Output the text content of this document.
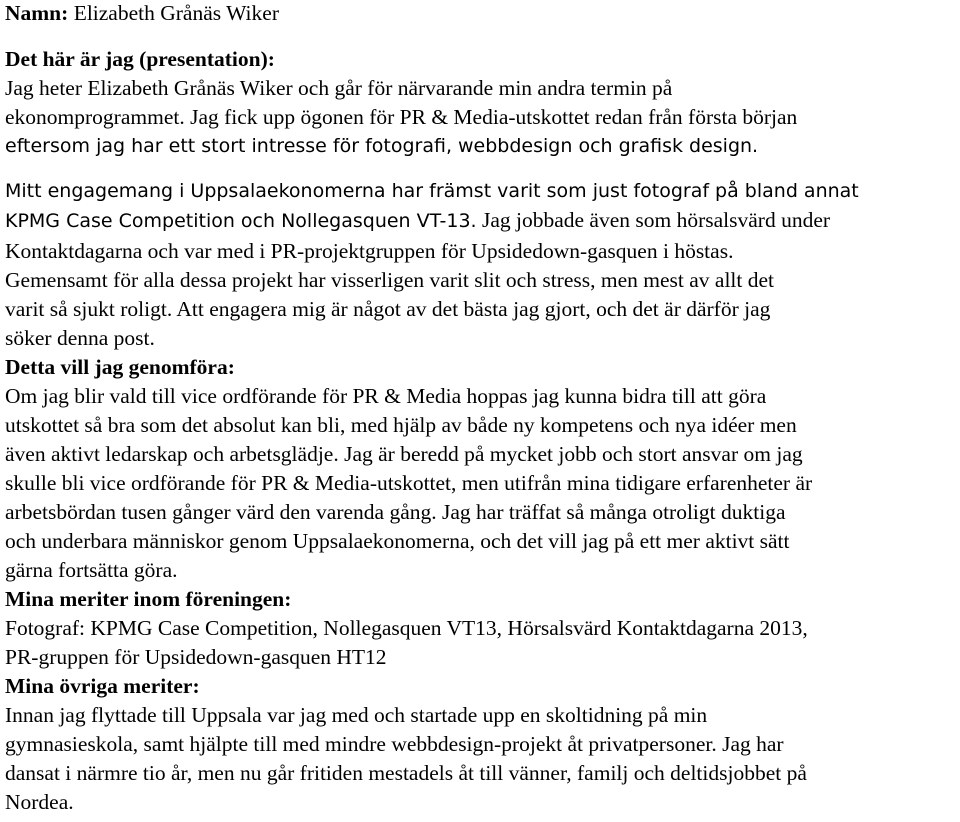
Namn: Elizabeth Grånäs Wiker

Det här är jag (presentation):

Jag heter Elizabeth Grånäs Wiker och går för närvarande min andra termin på

ekonomprogrammet. Jag fick upp ögonen för PR & Media-utskottet redan från första början

eftersom jag har ett stort intresse för fotografi, webbdesign och grafisk design.

Mitt engagemang i Uppsalaekonomerna har främst varit som just fotograf på bland annat

KPMG Case Competition och Nollegasquen VT-13. Jag jobbade även som hörsalsvärd under

Kontaktdagarna och var med i PR-projektgruppen för Upsidedown-gasquen i höstas.

Gemensamt för alla dessa projekt har visserligen varit slit och stress, men mest av allt det

varit så sjukt roligt. Att engagera mig är något av det bästa jag gjort, och det är därför jag

söker denna post.

Detta vill jag genomföra:

Om jag blir vald till vice ordförande för PR & Media hoppas jag kunna bidra till att göra

utskottet så bra som det absolut kan bli, med hjälp av både ny kompetens och nya idéer men

även aktivt ledarskap och arbetsglädje. Jag är beredd på mycket jobb och stort ansvar om jag

skulle bli vice ordförande för PR & Media-utskottet, men utifrån mina tidigare erfarenheter är

arbetsbördan tusen gånger värd den varenda gång. Jag har träffat så många otroligt duktiga

och underbara människor genom Uppsalaekonomerna, och det vill jag på ett mer aktivt sätt

gärna fortsätta göra.

Mina meriter inom föreningen:

Fotograf: KPMG Case Competition, Nollegasquen VT13, Hörsalsvärd Kontaktdagarna 2013,

PR-gruppen för Upsidedown-gasquen HT12

Mina övriga meriter:

Innan jag flyttade till Uppsala var jag med och startade upp en skoltidning på min

gymnasieskola, samt hjälpte till med mindre webbdesign-projekt åt privatpersoner. Jag har

dansat i närmre tio år, men nu går fritiden mestadels åt till vänner, familj och deltidsjobbet på

Nordea.
